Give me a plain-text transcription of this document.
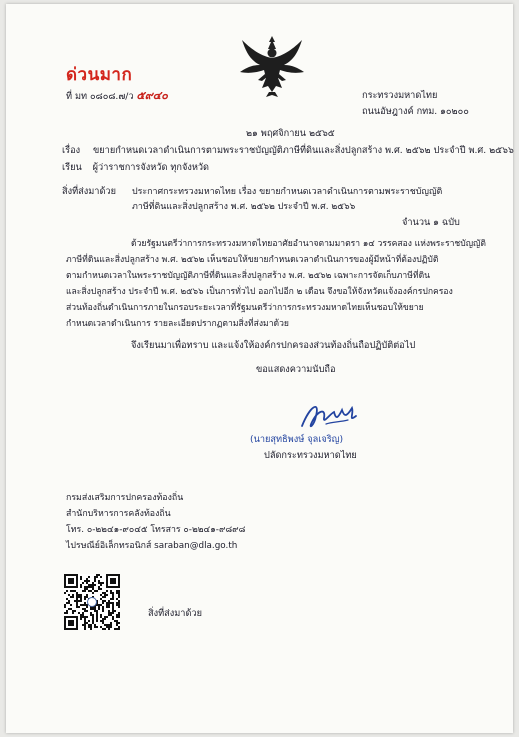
ด่วนมาก
ที่ มท ๐๘๐๘.๗/ว ๕๙๔๐	กระทรวงมหาดไทย
ถนนอัษฎางค์ กทม. ๑๐๒๐๐
๒๑ พฤศจิกายน ๒๕๖๕
เรื่อง ขยายกำหนดเวลาดำเนินการตามพระราชบัญญัติภาษีที่ดินและสิ่งปลูกสร้าง พ.ศ. ๒๕๖๒ ประจำปี พ.ศ. ๒๕๖๖
เรียน ผู้ว่าราชการจังหวัด ทุกจังหวัด
สิ่งที่ส่งมาด้วย ประกาศกระทรวงมหาดไทย เรื่อง ขยายกำหนดเวลาดำเนินการตามพระราชบัญญัติ
ภาษีที่ดินและสิ่งปลูกสร้าง พ.ศ. ๒๕๖๒ ประจำปี พ.ศ. ๒๕๖๖
จำนวน ๑ ฉบับ
ด้วยรัฐมนตรีว่าการกระทรวงมหาดไทยอาศัยอำนาจตามมาตรา ๑๔ วรรคสอง แห่งพระราชบัญญัติ
ภาษีที่ดินและสิ่งปลูกสร้าง พ.ศ. ๒๕๖๒ เห็นชอบให้ขยายกำหนดเวลาดำเนินการของผู้มีหน้าที่ต้องปฏิบัติ
ตามกำหนดเวลาในพระราชบัญญัติภาษีที่ดินและสิ่งปลูกสร้าง พ.ศ. ๒๕๖๒ เฉพาะการจัดเก็บภาษีที่ดิน
และสิ่งปลูกสร้าง ประจำปี พ.ศ. ๒๕๖๖ เป็นการทั่วไป ออกไปอีก ๒ เดือน จึงขอให้จังหวัดแจ้งองค์กรปกครอง
ส่วนท้องถิ่นดำเนินการภายในกรอบระยะเวลาที่รัฐมนตรีว่าการกระทรวงมหาดไทยเห็นชอบให้ขยาย
กำหนดเวลาดำเนินการ รายละเอียดปรากฏตามสิ่งที่ส่งมาด้วย
จึงเรียนมาเพื่อทราบ และแจ้งให้องค์กรปกครองส่วนท้องถิ่นถือปฏิบัติต่อไป
ขอแสดงความนับถือ
(นายสุทธิพงษ์ จุลเจริญ)
ปลัดกระทรวงมหาดไทย
กรมส่งเสริมการปกครองท้องถิ่น
สำนักบริหารการคลังท้องถิ่น
โทร. ๐-๒๒๔๑-๙๐๔๕ โทรสาร ๐-๒๒๔๑-๙๘๙๘
ไปรษณีย์อิเล็กทรอนิกส์ saraban@dla.go.th
สิ่งที่ส่งมาด้วย
